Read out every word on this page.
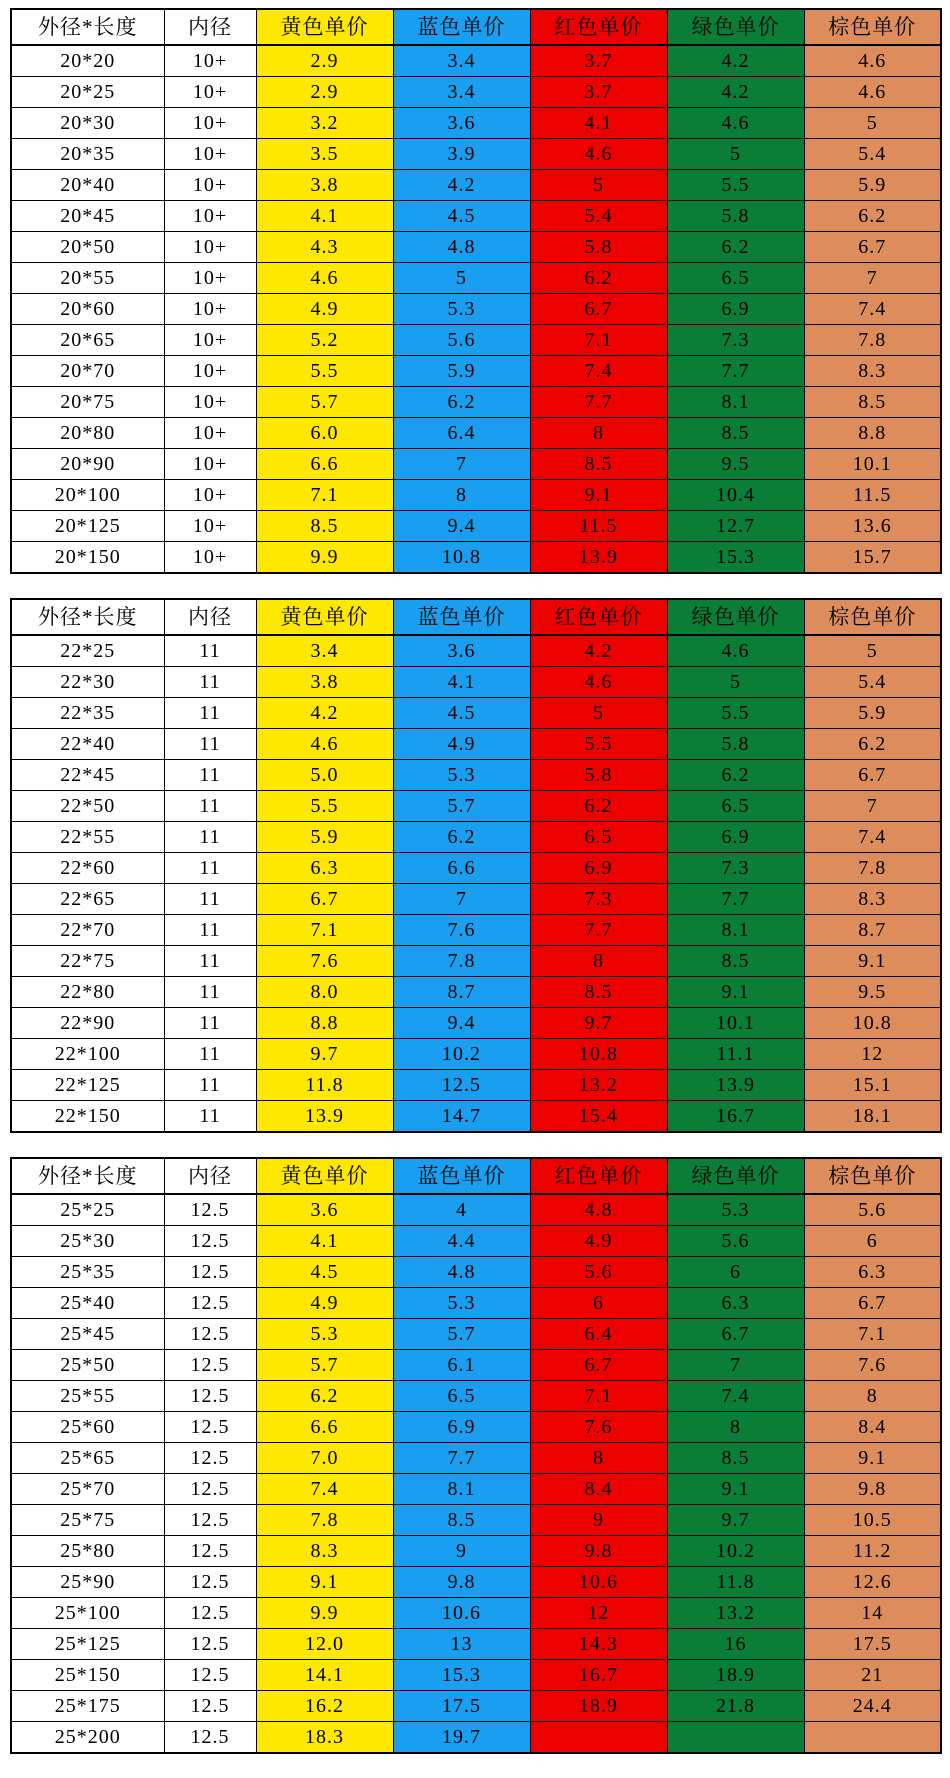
外径*长度	内径	黄色单价	蓝色单价	红色单价	绿色单价	棕色单价
20*20	10+	2.9	3.4	3.7	4.2	4.6
20*25	10+	2.9	3.4	3.7	4.2	4.6
20*30	10+	3.2	3.6	4.1	4.6	5
20*35	10+	3.5	3.9	4.6	5	5.4
20*40	10+	3.8	4.2	5	5.5	5.9
20*45	10+	4.1	4.5	5.4	5.8	6.2
20*50	10+	4.3	4.8	5.8	6.2	6.7
20*55	10+	4.6	5	6.2	6.5	7
20*60	10+	4.9	5.3	6.7	6.9	7.4
20*65	10+	5.2	5.6	7.1	7.3	7.8
20*70	10+	5.5	5.9	7.4	7.7	8.3
20*75	10+	5.7	6.2	7.7	8.1	8.5
20*80	10+	6.0	6.4	8	8.5	8.8
20*90	10+	6.6	7	8.5	9.5	10.1
20*100	10+	7.1	8	9.1	10.4	11.5
20*125	10+	8.5	9.4	11.5	12.7	13.6
20*150	10+	9.9	10.8	13.9	15.3	15.7
外径*长度	内径	黄色单价	蓝色单价	红色单价	绿色单价	棕色单价
22*25	11	3.4	3.6	4.2	4.6	5
22*30	11	3.8	4.1	4.6	5	5.4
22*35	11	4.2	4.5	5	5.5	5.9
22*40	11	4.6	4.9	5.5	5.8	6.2
22*45	11	5.0	5.3	5.8	6.2	6.7
22*50	11	5.5	5.7	6.2	6.5	7
22*55	11	5.9	6.2	6.5	6.9	7.4
22*60	11	6.3	6.6	6.9	7.3	7.8
22*65	11	6.7	7	7.3	7.7	8.3
22*70	11	7.1	7.6	7.7	8.1	8.7
22*75	11	7.6	7.8	8	8.5	9.1
22*80	11	8.0	8.7	8.5	9.1	9.5
22*90	11	8.8	9.4	9.7	10.1	10.8
22*100	11	9.7	10.2	10.8	11.1	12
22*125	11	11.8	12.5	13.2	13.9	15.1
22*150	11	13.9	14.7	15.4	16.7	18.1
外径*长度	内径	黄色单价	蓝色单价	红色单价	绿色单价	棕色单价
25*25	12.5	3.6	4	4.8	5.3	5.6
25*30	12.5	4.1	4.4	4.9	5.6	6
25*35	12.5	4.5	4.8	5.6	6	6.3
25*40	12.5	4.9	5.3	6	6.3	6.7
25*45	12.5	5.3	5.7	6.4	6.7	7.1
25*50	12.5	5.7	6.1	6.7	7	7.6
25*55	12.5	6.2	6.5	7.1	7.4	8
25*60	12.5	6.6	6.9	7.6	8	8.4
25*65	12.5	7.0	7.7	8	8.5	9.1
25*70	12.5	7.4	8.1	8.4	9.1	9.8
25*75	12.5	7.8	8.5	9	9.7	10.5
25*80	12.5	8.3	9	9.8	10.2	11.2
25*90	12.5	9.1	9.8	10.6	11.8	12.6
25*100	12.5	9.9	10.6	12	13.2	14
25*125	12.5	12.0	13	14.3	16	17.5
25*150	12.5	14.1	15.3	16.7	18.9	21
25*175	12.5	16.2	17.5	18.9	21.8	24.4
25*200	12.5	18.3	19.7			
